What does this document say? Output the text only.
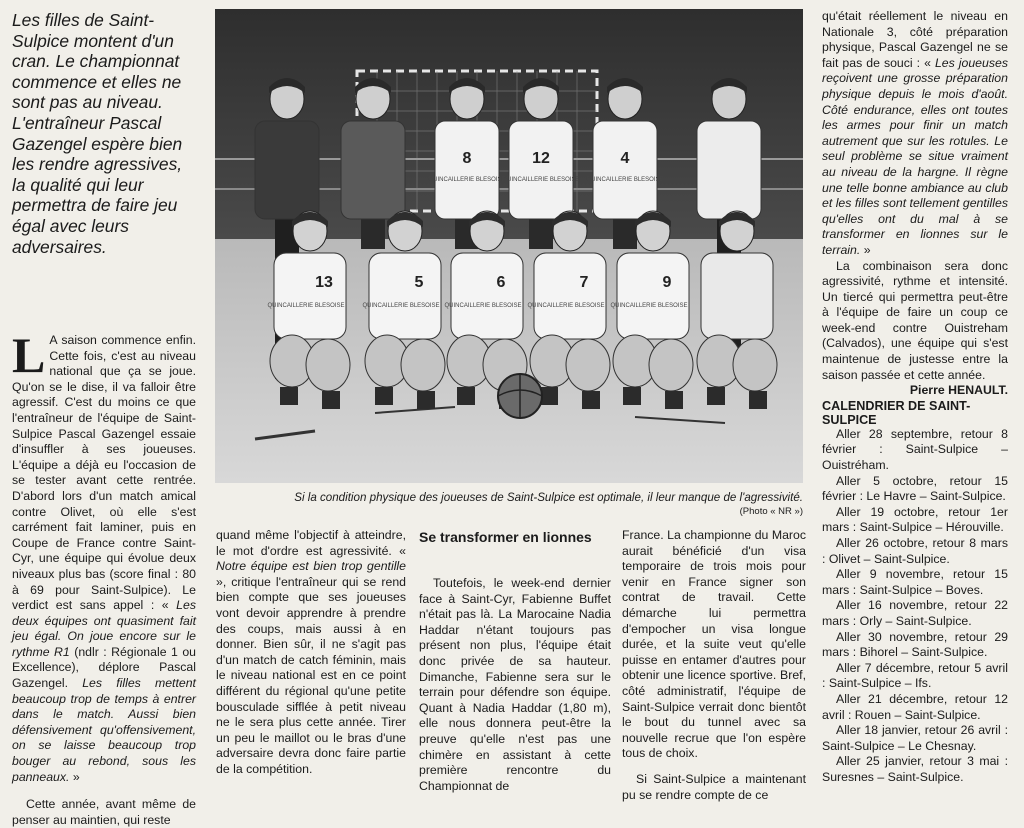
Les filles de Saint-Sulpice montent d'un cran. Le championnat commence et elles ne sont pas au niveau. L'entraîneur Pascal Gazengel espère bien les rendre agressives, la qualité qui leur permettra de faire jeu égal avec leurs adversaires.

L A saison commence enfin. Cette fois, c'est au niveau national que ça se joue. Qu'on se le dise, il va falloir être agressif. C'est du moins ce que l'entraîneur de l'équipe de Saint-Sulpice Pascal Gazengel essaie d'insuffler à ses joueuses. L'équipe a déjà eu l'occasion de se tester avant cette rentrée. D'abord lors d'un match amical contre Olivet, où elle s'est carrément fait laminer, puis en Coupe de France contre Saint-Cyr, une équipe qui évolue deux niveaux plus bas (score final : 80 à 69 pour Saint-Sulpice). Le verdict est sans appel : « Les deux équipes ont quasiment fait jeu égal. On joue encore sur le rythme R1 (ndlr : Régionale 1 ou Excellence), déplore Pascal Gazengel. Les filles mettent beaucoup trop de temps à entrer dans le match. Aussi bien défensivement qu'offensivement, on se laisse beaucoup trop bouger au rebond, sous les panneaux. »

Cette année, avant même de penser au maintien, qui reste

8
QUINCAILLERIE BLESOISE
12
QUINCAILLERIE BLESOISE
4
QUINCAILLERIE BLESOISE
13
QUINCAILLERIE BLESOISE
5
QUINCAILLERIE BLESOISE
6
QUINCAILLERIE BLESOISE
7
QUINCAILLERIE BLESOISE
9
QUINCAILLERIE BLESOISE
Si la condition physique des joueuses de Saint-Sulpice est optimale, il leur manque de l'agressivité.
(Photo « NR »)

quand même l'objectif à atteindre, le mot d'ordre est agressivité. « Notre équipe est bien trop gentille », critique l'entraîneur qui se rend bien compte que ses joueuses vont devoir apprendre à prendre des coups, mais aussi à en donner. Bien sûr, il ne s'agit pas d'un match de catch féminin, mais le niveau national est en ce point différent du régional qu'une petite bousculade sifflée à petit niveau ne le sera plus cette année. Tirer un peu le maillot ou le bras d'une adversaire devra donc faire partie de la compétition.

Se transformer en lionnes

Toutefois, le week-end dernier face à Saint-Cyr, Fabienne Buffet n'était pas là. La Marocaine Nadia Haddar n'étant toujours pas présent non plus, l'équipe était donc privée de sa hauteur. Dimanche, Fabienne sera sur le terrain pour défendre son équipe. Quant à Nadia Haddar (1,80 m), elle nous donnera peut-être la preuve qu'elle n'est pas une chimère en assistant à cette première rencontre du Championnat de

France. La championne du Maroc aurait bénéficié d'un visa temporaire de trois mois pour venir en France signer son contrat de travail. Cette démarche lui permettra d'empocher un visa longue durée, et la suite veut qu'elle puisse en entamer d'autres pour obtenir une licence sportive. Bref, côté administratif, l'équipe de Saint-Sulpice verrait donc bientôt le bout du tunnel avec sa nouvelle recrue que l'on espère tous de choix.

Si Saint-Sulpice a maintenant pu se rendre compte de ce

qu'était réellement le niveau en Nationale 3, côté préparation physique, Pascal Gazengel ne se fait pas de souci : « Les joueuses reçoivent une grosse préparation physique depuis le mois d'août. Côté endurance, elles ont toutes les armes pour finir un match autrement que sur les rotules. Le seul problème se situe vraiment au niveau de la hargne. Il règne une telle bonne ambiance au club et les filles sont tellement gentilles qu'elles ont du mal à se transformer en lionnes sur le terrain. »

La combinaison sera donc agressivité, rythme et intensité. Un tiercé qui permettra peut-être à l'équipe de faire un coup ce week-end contre Ouistreham (Calvados), une équipe qui s'est maintenue de justesse entre la saison passée et cette année.

Pierre HENAULT.

CALENDRIER DE SAINT-SULPICE

Aller 28 septembre, retour 8 février : Saint-Sulpice – Ouistréham.

Aller 5 octobre, retour 15 février : Le Havre – Saint-Sulpice.

Aller 19 octobre, retour 1er mars : Saint-Sulpice – Hérouville.

Aller 26 octobre, retour 8 mars : Olivet – Saint-Sulpice.

Aller 9 novembre, retour 15 mars : Saint-Sulpice – Boves.

Aller 16 novembre, retour 22 mars : Orly – Saint-Sulpice.

Aller 30 novembre, retour 29 mars : Bihorel – Saint-Sulpice.

Aller 7 décembre, retour 5 avril : Saint-Sulpice – Ifs.

Aller 21 décembre, retour 12 avril : Rouen – Saint-Sulpice.

Aller 18 janvier, retour 26 avril : Saint-Sulpice – Le Chesnay.

Aller 25 janvier, retour 3 mai : Suresnes – Saint-Sulpice.
